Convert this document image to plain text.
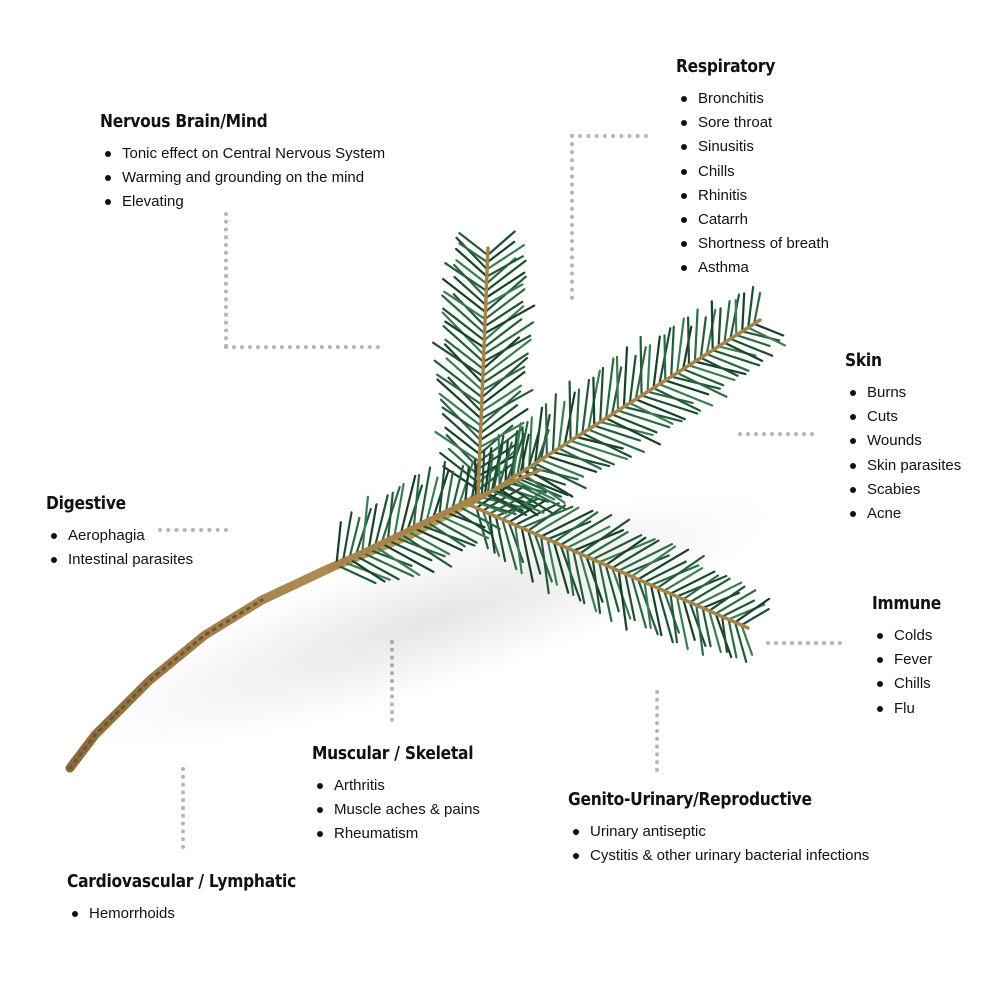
Respiratory
Bronchitis
Sore throat
Sinusitis
Chills
Rhinitis
Catarrh
Shortness of breath
Asthma
Nervous Brain/Mind
Tonic effect on Central Nervous System
Warming and grounding on the mind
Elevating
Skin
Burns
Cuts
Wounds
Skin parasites
Scabies
Acne
Digestive
Aerophagia
Intestinal parasites
Immune
Colds
Fever
Chills
Flu
Muscular / Skeletal
Arthritis
Muscle aches & pains
Rheumatism
Genito-Urinary/Reproductive
Urinary antiseptic
Cystitis & other urinary bacterial infections
Cardiovascular / Lymphatic
Hemorrhoids
